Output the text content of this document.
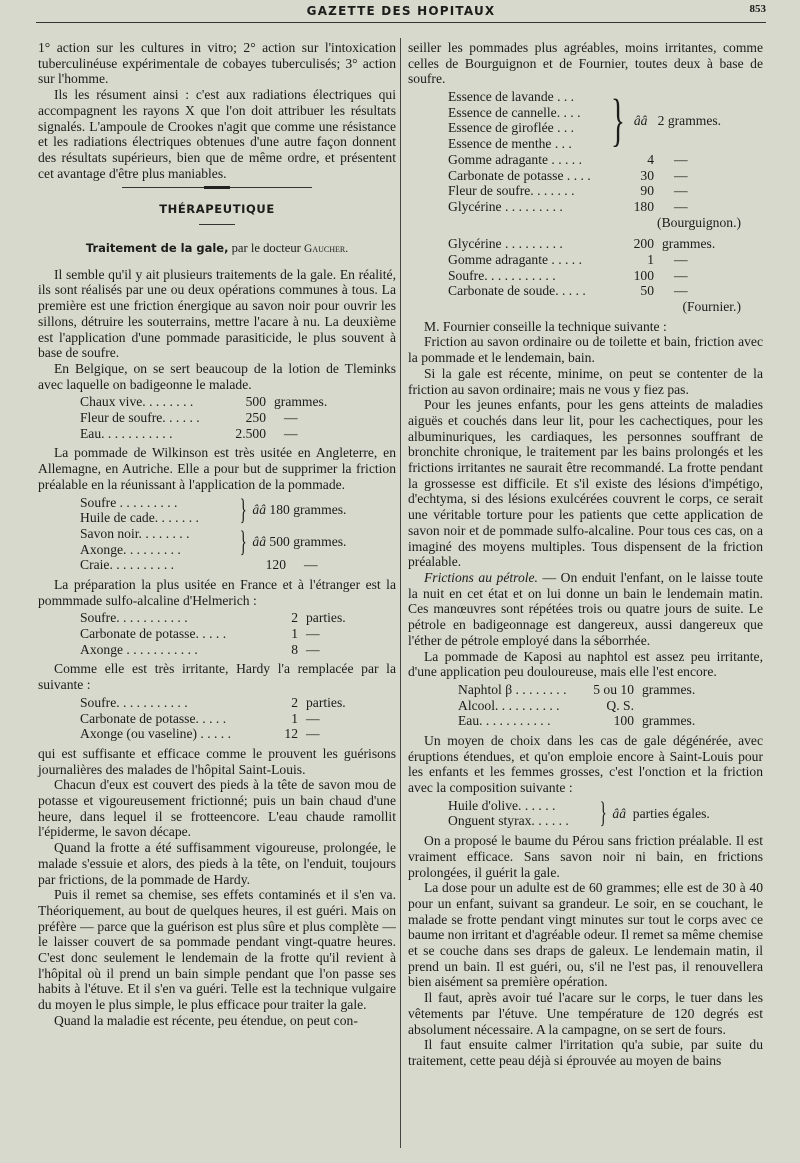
GAZETTE DES HOPITAUX	853

1° action sur les cultures in vitro; 2° action sur l'intoxication tuberculinéuse expérimentale de cobayes tuberculisés; 3° action sur l'homme.

Ils les résument ainsi : c'est aux radiations électriques qui accompagnent les rayons X que l'on doit attribuer les résultats signalés. L'ampoule de Crookes n'agit que comme une résistance et les radiations électriques obtenues d'une autre façon donnent des résultats supérieurs, bien que de même ordre, et présentent cet avantage d'être plus maniables.

THÉRAPEUTIQUE
Traitement de la gale, par le docteur Gaucher.

Il semble qu'il y ait plusieurs traitements de la gale. En réalité, ils sont réalisés par une ou deux opérations communes à tous. La première est une friction énergique au savon noir pour ouvrir les sillons, détruire les souterrains, mettre l'acare à nu. La deuxième est l'application d'une pommade parasiticide, le plus souvent à base de soufre.

En Belgique, on se sert beaucoup de la lotion de Tleminks avec laquelle on badigeonne le malade.

Chaux vive. . . . . . . .	500 grammes.
Fleur de soufre. . . . . .	250	—
Eau. . . . . . . . . . .	2.500	—

La pommade de Wilkinson est très usitée en Angleterre, en Allemagne, en Autriche. Elle a pour but de supprimer la friction préalable en la réunissant à l'application de la pommade.

Soufre . . . . . . . . .
Huile de cade. . . . . . .	} ââ 180 grammes.
Savon noir. . . . . . . .
Axonge. . . . . . . . .	} ââ 500 grammes.
Craie. . . . . . . . . .	120	—

La préparation la plus usitée en France et à l'étranger est la pommmade sulfo-alcaline d'Helmerich :

Soufre. . . . . . . . . . .	2 parties.
Carbonate de potasse. . . . .	1 —
Axonge . . . . . . . . . . .	8 —

Comme elle est très irritante, Hardy l'a remplacée par la suivante :

Soufre. . . . . . . . . . .	2 parties.
Carbonate de potasse. . . . .	1 —
Axonge (ou vaseline) . . . . .	12 —

qui est suffisante et efficace comme le prouvent les guérisons journalières des malades de l'hôpital Saint-Louis.

Chacun d'eux est couvert des pieds à la tête de savon mou de potasse et vigoureusement frictionné; puis un bain chaud d'une heure, dans lequel il se frotteencore. L'eau chaude ramollit l'épiderme, le savon décape.

Quand la frotte a été suffisamment vigoureuse, prolongée, le malade s'essuie et alors, des pieds à la tête, on l'enduit, toujours par frictions, de la pommade de Hardy.

Puis il remet sa chemise, ses effets contaminés et il s'en va. Théoriquement, au bout de quelques heures, il est guéri. Mais on préfère — parce que la guérison est plus sûre et plus complète — le laisser couvert de sa pommade pendant vingt-quatre heures. C'est donc seulement le lendemain de la frotte qu'il revient à l'hôpital où il prend un bain simple pendant que l'on passe ses habits à l'étuve. Et il s'en va guéri. Telle est la technique vulgaire du moyen le plus simple, le plus efficace pour traiter la gale.

Quand la maladie est récente, peu étendue, on peut con-

seiller les pommades plus agréables, moins irritantes, comme celles de Bourguignon et de Fournier, toutes deux à base de soufre.

Essence de lavande . . .
Essence de cannelle. . . .
Essence de giroflée . . .
Essence de menthe . . . } ââ 2 grammes.
Gomme adragante . . . . .	4	—
Carbonate de potasse . . . .	30	—
Fleur de soufre. . . . . . .	90	—
Glycérine . . . . . . . . .	180	—
(Bourguignon.)
Glycérine . . . . . . . . .	200 grammes.
Gomme adragante . . . . .	1	—
Soufre. . . . . . . . . . .	100	—
Carbonate de soude. . . . .	50	—
(Fournier.)

M. Fournier conseille la technique suivante :

Friction au savon ordinaire ou de toilette et bain, friction avec la pommade et le lendemain, bain.

Si la gale est récente, minime, on peut se contenter de la friction au savon ordinaire; mais ne vous y fiez pas.

Pour les jeunes enfants, pour les gens atteints de maladies aiguës et couchés dans leur lit, pour les cachectiques, pour les albuminuriques, les cardiaques, les personnes souffrant de bronchite chronique, le traitement par les bains prolongés et les frictions irritantes ne saurait être recommandé. La frotte pendant la grossesse est difficile. Et s'il existe des lésions d'impétigo, d'echtyma, si des lésions exulcérées couvrent le corps, ce serait une véritable torture pour les patients que cette application de savon noir et de pommade sulfo-alcaline. Pour tous ces cas, on a imaginé des moyens multiples. Tous dispensent de la friction préalable.

Frictions au pétrole. — On enduit l'enfant, on le laisse toute la nuit en cet état et on lui donne un bain le lendemain matin. Ces manœuvres sont répétées trois ou quatre jours de suite. Le pétrole en badigeonnage est dangereux, aussi dangereux que l'éther de pétrole employé dans la séborrhée.

La pommade de Kaposi au naphtol est assez peu irritante, d'une application peu douloureuse, mais elle l'est encore.

Naphtol β . . . . . . . .	5 ou 10 grammes.
Alcool. . . . . . . . . .	Q. S.
Eau. . . . . . . . . . .	100 grammes.

Un moyen de choix dans les cas de gale dégénérée, avec éruptions étendues, et qu'on emploie encore à Saint-Louis pour les enfants et les femmes grosses, c'est l'onction et la friction avec la composition suivante :

Huile d'olive. . . . . .
Onguent styrax. . . . . .	} ââ parties égales.

On a proposé le baume du Pérou sans friction préalable. Il est vraiment efficace. Sans savon noir ni bain, en frictions prolongées, il guérit la gale.

La dose pour un adulte est de 60 grammes; elle est de 30 à 40 pour un enfant, suivant sa grandeur. Le soir, en se couchant, le malade se frotte pendant vingt minutes sur tout le corps avec ce baume non irritant et d'agréable odeur. Il remet sa même chemise et se couche dans ses draps de galeux. Le lendemain matin, il prend un bain. Il est guéri, ou, s'il ne l'est pas, il renouvellera bien aisément sa première opération.

Il faut, après avoir tué l'acare sur le corps, le tuer dans les vêtements par l'étuve. Une température de 120 degrés est absolument nécessaire. A la campagne, on se sert de fours.

Il faut ensuite calmer l'irritation qu'a subie, par suite du traitement, cette peau déjà si éprouvée au moyen de bains
